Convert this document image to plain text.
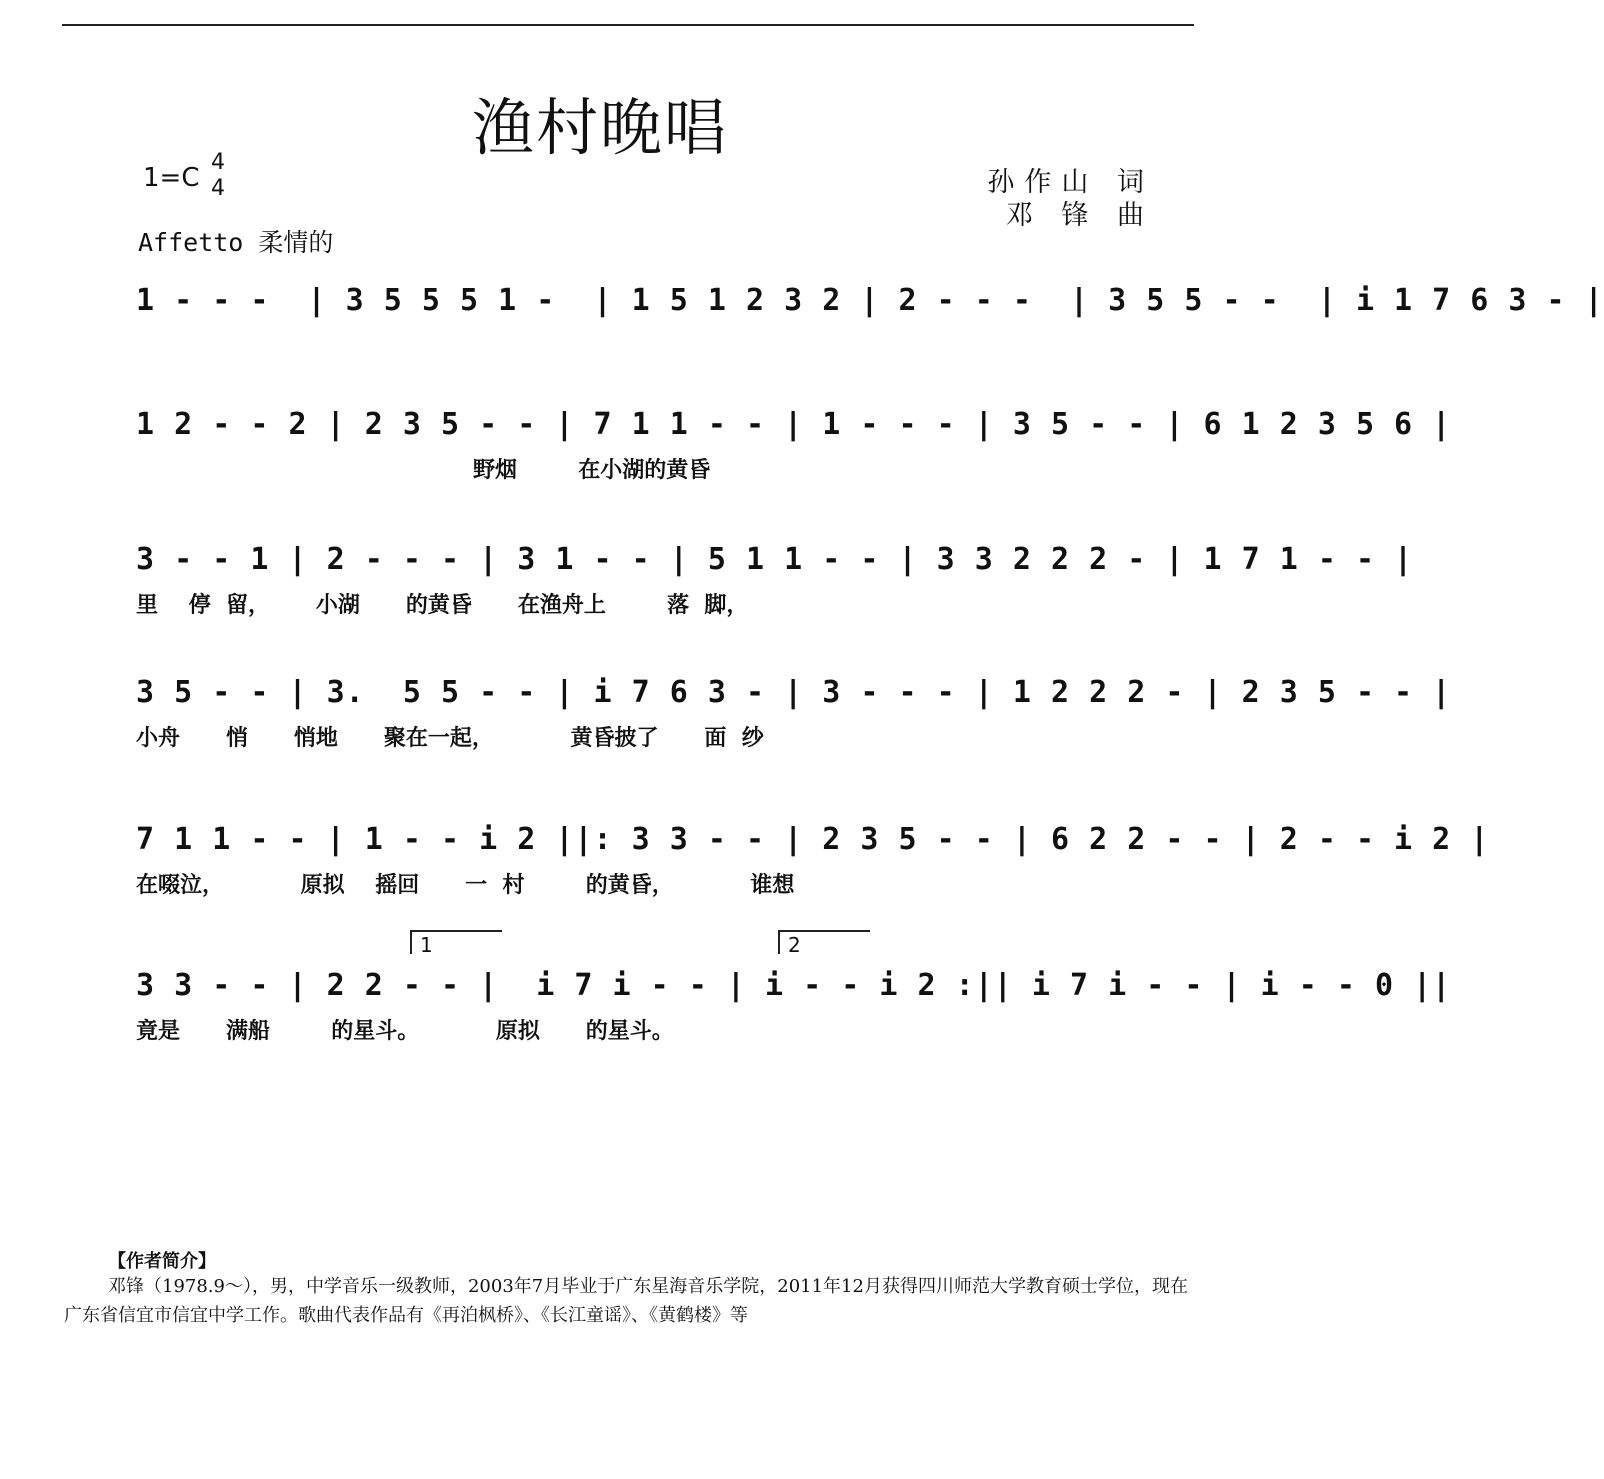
渔村晚唱
1=C
4
4	孙作山 词
邓 锋 曲
Affetto 柔情的
1 - - -  | 3 5 5 5 1 -  | 1 5 1 2 3 2 | 2 - - -  | 3 5 5 - -  | i 1 7 6 3 - |
1 2 - - 2 | 2 3 5 - - | 7 1 1 - - | 1 - - - | 3 5 - - | 6 1 2 3 5 6 |
野烟        在小湖的黄昏
3 - - 1 | 2 - - - | 3 1 - - | 5 1 1 - - | 3 3 2 2 2 - | 1 7 1 - - |
里    停  留，      小湖      的黄昏      在渔舟上        落  脚，
3 5 - - | 3.  5 5 - - | i 7 6 3 - | 3 - - - | 1 2 2 2 - | 2 3 5 - - |
小舟      悄      悄地      聚在一起，          黄昏披了      面  纱
7 1 1 - - | 1 - - i 2 ||: 3 3 - - | 2 3 5 - - | 6 2 2 - - | 2 - - i 2 |
在啜泣，          原拟    摇回      一  村        的黄昏，          谁想
1	2
3 3 - - | 2 2 - - |  i 7 i - - | i - - i 2 :|| i 7 i - - | i - - 0 ||
竟是      满船        的星斗。          原拟      的星斗。
【作者简介】
邓锋（1978.9～），男，中学音乐一级教师，2003年7月毕业于广东星海音乐学院，2011年12月获得四川师范大学教育硕士学位，现在广东省信宜市信宜中学工作。歌曲代表作品有《再泊枫桥》、《长江童谣》、《黄鹤楼》等
